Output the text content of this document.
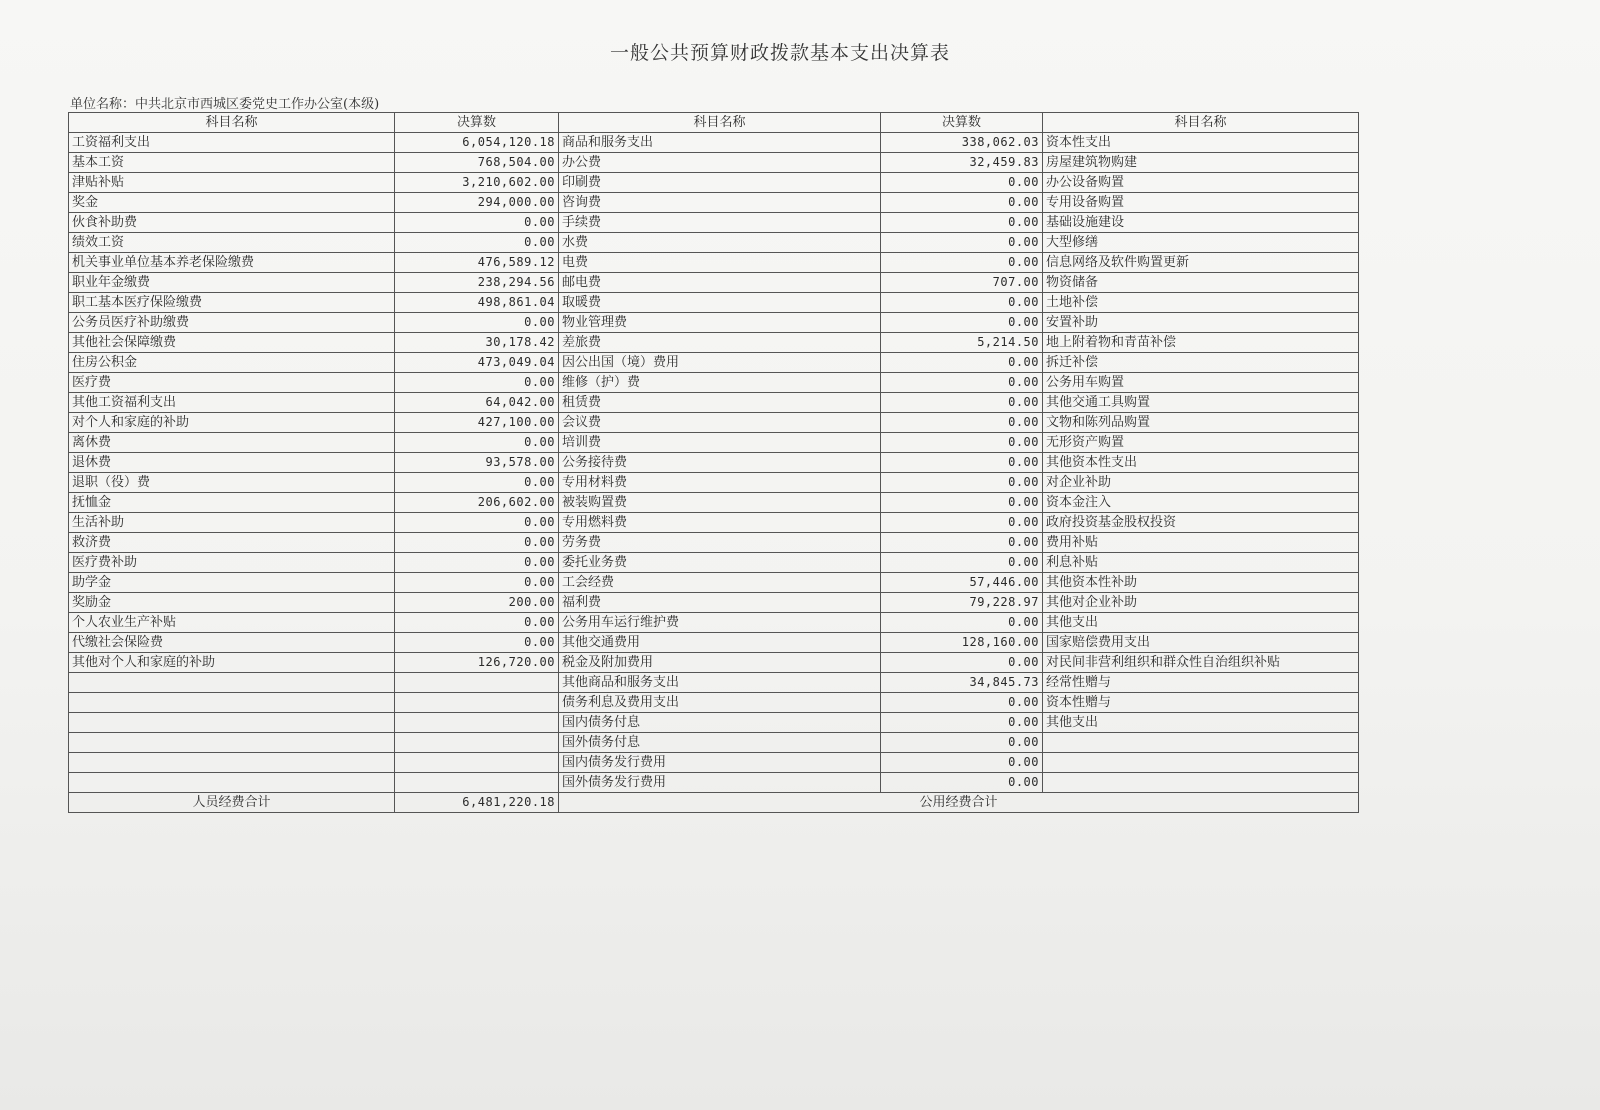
一般公共预算财政拨款基本支出决算表
单位名称：中共北京市西城区委党史工作办公室(本级)
科目名称	决算数	科目名称	决算数	科目名称
工资福利支出	6,054,120.18	商品和服务支出	338,062.03	资本性支出
基本工资	768,504.00	办公费	32,459.83	房屋建筑物购建
津贴补贴	3,210,602.00	印刷费	0.00	办公设备购置
奖金	294,000.00	咨询费	0.00	专用设备购置
伙食补助费	0.00	手续费	0.00	基础设施建设
绩效工资	0.00	水费	0.00	大型修缮
机关事业单位基本养老保险缴费	476,589.12	电费	0.00	信息网络及软件购置更新
职业年金缴费	238,294.56	邮电费	707.00	物资储备
职工基本医疗保险缴费	498,861.04	取暖费	0.00	土地补偿
公务员医疗补助缴费	0.00	物业管理费	0.00	安置补助
其他社会保障缴费	30,178.42	差旅费	5,214.50	地上附着物和青苗补偿
住房公积金	473,049.04	因公出国（境）费用	0.00	拆迁补偿
医疗费	0.00	维修（护）费	0.00	公务用车购置
其他工资福利支出	64,042.00	租赁费	0.00	其他交通工具购置
对个人和家庭的补助	427,100.00	会议费	0.00	文物和陈列品购置
离休费	0.00	培训费	0.00	无形资产购置
退休费	93,578.00	公务接待费	0.00	其他资本性支出
退职（役）费	0.00	专用材料费	0.00	对企业补助
抚恤金	206,602.00	被装购置费	0.00	资本金注入
生活补助	0.00	专用燃料费	0.00	政府投资基金股权投资
救济费	0.00	劳务费	0.00	费用补贴
医疗费补助	0.00	委托业务费	0.00	利息补贴
助学金	0.00	工会经费	57,446.00	其他资本性补助
奖励金	200.00	福利费	79,228.97	其他对企业补助
个人农业生产补贴	0.00	公务用车运行维护费	0.00	其他支出
代缴社会保险费	0.00	其他交通费用	128,160.00	国家赔偿费用支出
其他对个人和家庭的补助	126,720.00	税金及附加费用	0.00	对民间非营利组织和群众性自治组织补贴
		其他商品和服务支出	34,845.73	经常性赠与
		债务利息及费用支出	0.00	资本性赠与
		国内债务付息	0.00	其他支出
		国外债务付息	0.00	
		国内债务发行费用	0.00	
		国外债务发行费用	0.00	
人员经费合计	6,481,220.18	公用经费合计		
